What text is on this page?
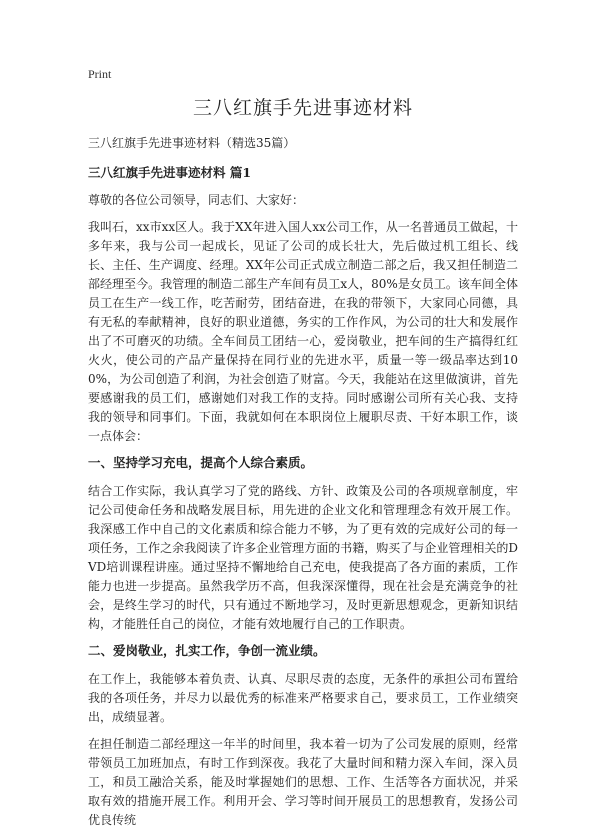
Print
三八红旗手先进事迹材料
三八红旗手先进事迹材料（精选35篇）
三八红旗手先进事迹材料 篇1

尊敬的各位公司领导，同志们、大家好：

我叫石，xx市xx区人。我于XX年进入国人xx公司工作，从一名普通员工做起，十多年来，我与公司一起成长，见证了公司的成长壮大，先后做过机工组长、线长、主任、生产调度、经理。XX年公司正式成立制造二部之后，我又担任制造二部经理至今。我管理的制造二部生产车间有员工x人，80%是女员工。该车间全体员工在生产一线工作，吃苦耐劳，团结奋进，在我的带领下，大家同心同德，具有无私的奉献精神，良好的职业道德，务实的工作作风，为公司的壮大和发展作出了不可磨灭的功绩。全车间员工团结一心，爱岗敬业，把车间的生产搞得红红火火，使公司的产品产量保持在同行业的先进水平，质量一等一级品率达到100%，为公司创造了利润，为社会创造了财富。今天，我能站在这里做演讲，首先要感谢我的员工们，感谢她们对我工作的支持。同时感谢公司所有关心我、支持我的领导和同事们。下面，我就如何在本职岗位上履职尽责、干好本职工作，谈一点体会：

一、坚持学习充电，提高个人综合素质。

结合工作实际，我认真学习了党的路线、方针、政策及公司的各项规章制度，牢记公司使命任务和战略发展目标，用先进的企业文化和管理理念有效开展工作。我深感工作中自己的文化素质和综合能力不够，为了更有效的完成好公司的每一项任务，工作之余我阅读了许多企业管理方面的书籍，购买了与企业管理相关的DVD培训课程讲座。通过坚持不懈地给自己充电，使我提高了各方面的素质，工作能力也进一步提高。虽然我学历不高，但我深深懂得，现在社会是充满竞争的社会，是终生学习的时代，只有通过不断地学习，及时更新思想观念，更新知识结构，才能胜任自己的岗位，才能有效地履行自己的工作职责。

二、爱岗敬业，扎实工作，争创一流业绩。

在工作上，我能够本着负责、认真、尽职尽责的态度，无条件的承担公司布置给我的各项任务，并尽力以最优秀的标准来严格要求自己，要求员工，工作业绩突出，成绩显著。

在担任制造二部经理这一年半的时间里，我本着一切为了公司发展的原则，经常带领员工加班加点，有时工作到深夜。我花了大量时间和精力深入车间，深入员工，和员工融洽关系，能及时掌握她们的思想、工作、生活等各方面状况，并采取有效的措施开展工作。利用开会、学习等时间开展员工的思想教育，发扬公司优良传统
